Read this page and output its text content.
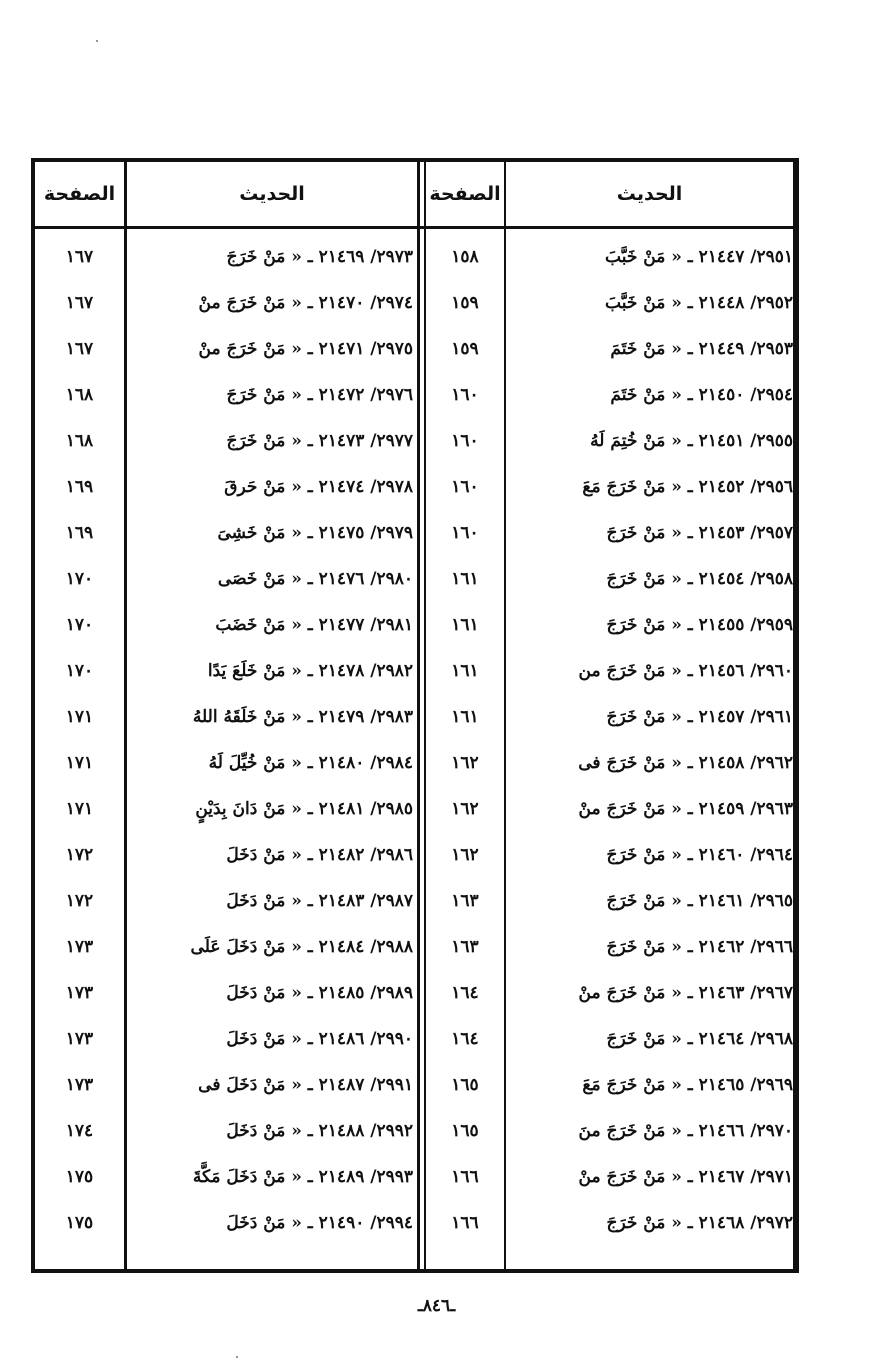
الصفحة	الحديث	الصفحة	الحديث
١٦٧	٢٩٧٣/ ٢١٤٦٩ ـ « مَنْ خَرَجَ	١٥٨	٢٩٥١/ ٢١٤٤٧ ـ « مَنْ خَبَّبَ
١٦٧	٢٩٧٤/ ٢١٤٧٠ ـ « مَنْ خَرَجَ منْ	١٥٩	٢٩٥٢/ ٢١٤٤٨ ـ « مَنْ خَبَّبَ
١٦٧	٢٩٧٥/ ٢١٤٧١ ـ « مَنْ خَرَجَ منْ	١٥٩	٢٩٥٣/ ٢١٤٤٩ ـ « مَنْ خَتَمَ
١٦٨	٢٩٧٦/ ٢١٤٧٢ ـ « مَنْ خَرَجَ	١٦٠	٢٩٥٤/ ٢١٤٥٠ ـ « مَنْ خَتَمَ
١٦٨	٢٩٧٧/ ٢١٤٧٣ ـ « مَنْ خَرَجَ	١٦٠	٢٩٥٥/ ٢١٤٥١ ـ « مَنْ خُتِمَ لَهُ
١٦٩	٢٩٧٨/ ٢١٤٧٤ ـ « مَنْ حَرقَ	١٦٠	٢٩٥٦/ ٢١٤٥٢ ـ « مَنْ خَرَجَ مَعَ
١٦٩	٢٩٧٩/ ٢١٤٧٥ ـ « مَنْ خَشِىَ	١٦٠	٢٩٥٧/ ٢١٤٥٣ ـ « مَنْ خَرَجَ
١٧٠	٢٩٨٠/ ٢١٤٧٦ ـ « مَنْ خَصَى	١٦١	٢٩٥٨/ ٢١٤٥٤ ـ « مَنْ خَرَجَ
١٧٠	٢٩٨١/ ٢١٤٧٧ ـ « مَنْ خَضَبَ	١٦١	٢٩٥٩/ ٢١٤٥٥ ـ « مَنْ خَرَجَ
١٧٠	٢٩٨٢/ ٢١٤٧٨ ـ « مَنْ خَلَعَ يَدًا	١٦١	٢٩٦٠/ ٢١٤٥٦ ـ « مَنْ خَرَجَ من
١٧١	٢٩٨٣/ ٢١٤٧٩ ـ « مَنْ خَلَقَهُ اللهُ	١٦١	٢٩٦١/ ٢١٤٥٧ ـ « مَنْ خَرَجَ
١٧١	٢٩٨٤/ ٢١٤٨٠ ـ « مَنْ خُيِّلَ لَهُ	١٦٢	٢٩٦٢/ ٢١٤٥٨ ـ « مَنْ خَرَجَ فى
١٧١	٢٩٨٥/ ٢١٤٨١ ـ « مَنْ دَانَ بِدَيْنٍ	١٦٢	٢٩٦٣/ ٢١٤٥٩ ـ « مَنْ خَرَجَ منْ
١٧٢	٢٩٨٦/ ٢١٤٨٢ ـ « مَنْ دَخَلَ	١٦٢	٢٩٦٤/ ٢١٤٦٠ ـ « مَنْ خَرَجَ
١٧٢	٢٩٨٧/ ٢١٤٨٣ ـ « مَنْ دَخَلَ	١٦٣	٢٩٦٥/ ٢١٤٦١ ـ « مَنْ خَرَجَ
١٧٣	٢٩٨٨/ ٢١٤٨٤ ـ « مَنْ دَخَلَ عَلَى	١٦٣	٢٩٦٦/ ٢١٤٦٢ ـ « مَنْ خَرَجَ
١٧٣	٢٩٨٩/ ٢١٤٨٥ ـ « مَنْ دَخَلَ	١٦٤	٢٩٦٧/ ٢١٤٦٣ ـ « مَنْ خَرَجَ منْ
١٧٣	٢٩٩٠/ ٢١٤٨٦ ـ « مَنْ دَخَلَ	١٦٤	٢٩٦٨/ ٢١٤٦٤ ـ « مَنْ خَرَجَ
١٧٣	٢٩٩١/ ٢١٤٨٧ ـ « مَنْ دَخَلَ فى	١٦٥	٢٩٦٩/ ٢١٤٦٥ ـ « مَنْ خَرَجَ مَعَ
١٧٤	٢٩٩٢/ ٢١٤٨٨ ـ « مَنْ دَخَلَ	١٦٥	٢٩٧٠/ ٢١٤٦٦ ـ « مَنْ خَرَجَ منَ
١٧٥	٢٩٩٣/ ٢١٤٨٩ ـ « مَنْ دَخَلَ مَكَّةَ	١٦٦	٢٩٧١/ ٢١٤٦٧ ـ « مَنْ خَرَجَ منْ
١٧٥	٢٩٩٤/ ٢١٤٩٠ ـ « مَنْ دَخَلَ	١٦٦	٢٩٧٢/ ٢١٤٦٨ ـ « مَنْ خَرَجَ
ـ٨٤٦ـ
